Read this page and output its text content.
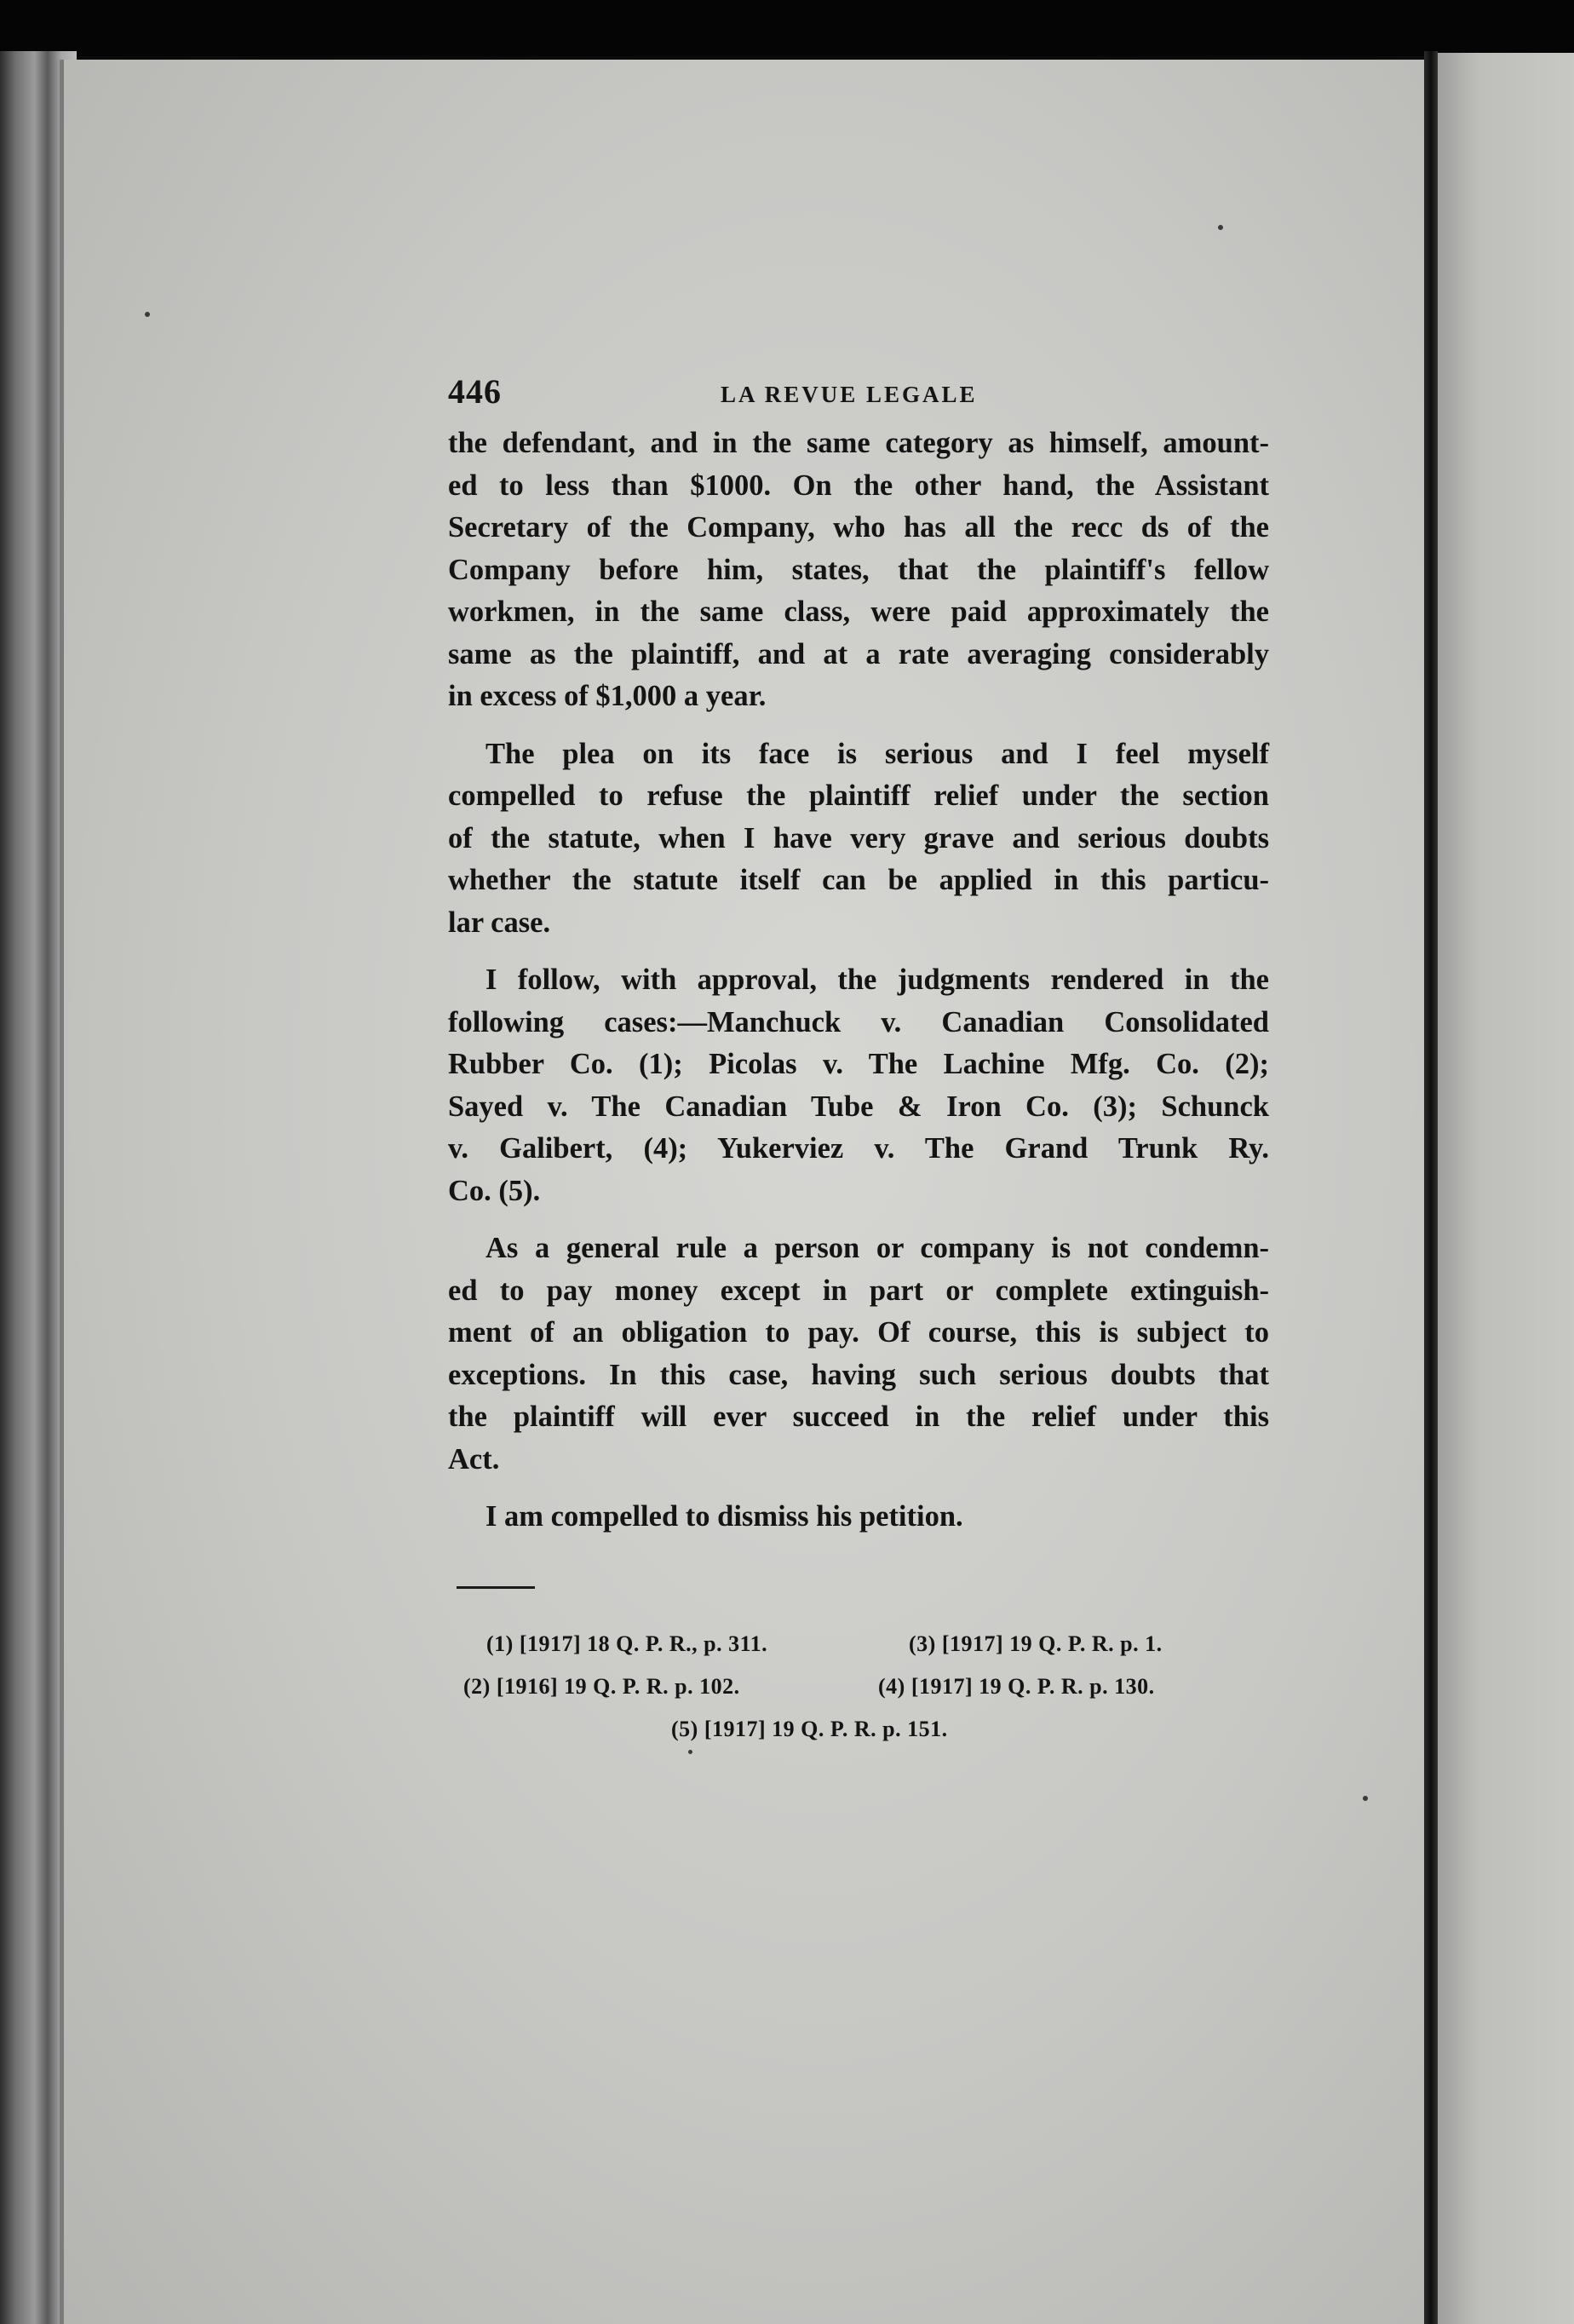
446	LA REVUE LEGALE

the defendant, and in the same category as himself, amount-
ed to less than $1000. On the other hand, the Assistant
Secretary of the Company, who has all the recc ds of the
Company before him, states, that the plaintiff's fellow
workmen, in the same class, were paid approximately the
same as the plaintiff, and at a rate averaging considerably
in excess of $1,000 a year.

The plea on its face is serious and I feel myself
compelled to refuse the plaintiff relief under the section
of the statute, when I have very grave and serious doubts
whether the statute itself can be applied in this particu-
lar case.

I follow, with approval, the judgments rendered in the
following cases:—Manchuck v. Canadian Consolidated
Rubber Co. (1); Picolas v. The Lachine Mfg. Co. (2);
Sayed v. The Canadian Tube & Iron Co. (3); Schunck
v. Galibert, (4); Yukerviez v. The Grand Trunk Ry.
Co. (5).

As a general rule a person or company is not condemn-
ed to pay money except in part or complete extinguish-
ment of an obligation to pay. Of course, this is subject to
exceptions. In this case, having such serious doubts that
the plaintiff will ever succeed in the relief under this
Act.

I am compelled to dismiss his petition.

(1) [1917] 18 Q. P. R., p. 311.	(3) [1917] 19 Q. P. R. p. 1.
(2) [1916] 19 Q. P. R. p. 102.	(4) [1917] 19 Q. P. R. p. 130.
(5) [1917] 19 Q. P. R. p. 151.
